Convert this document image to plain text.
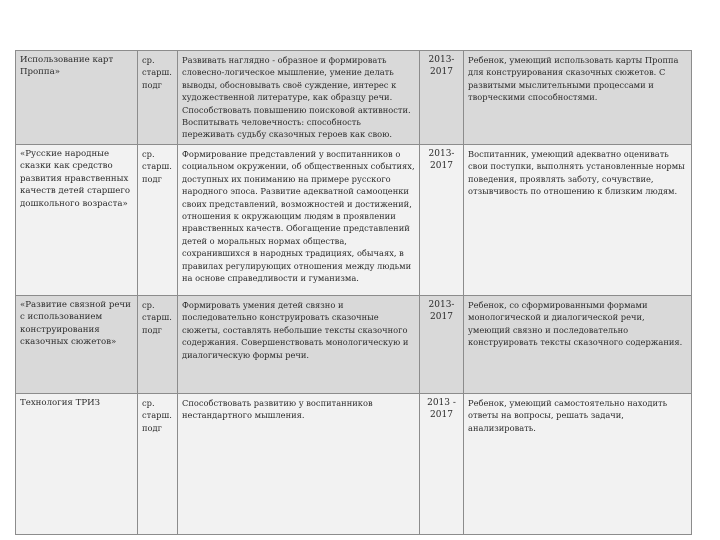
Использование карт Проппа»	ср. старш. подг	Развивать наглядно - образное и формировать словесно-логическое мышление, умение делать выводы, обосновывать своё суждение, интерес к художественной литературе, как образцу речи. Способствовать повышению поисковой активности. Воспитывать человечность: способность переживать судьбу сказочных героев как свою.	2013-2017	Ребенок, умеющий использовать карты Проппа для конструирования сказочных сюжетов. С развитыми мыслительными процессами и творческими способностями.
«Русские народные сказки как средство развития нравственных качеств детей старшего дошкольного возраста»	ср. старш. подг	Формирование представлений у воспитанников о социальном окружении, об общественных событиях, доступных их пониманию на примере русского народного эпоса. Развитие адекватной самооценки своих представлений, возможностей и достижений, отношения к окружающим людям в проявлении нравственных качеств. Обогащение представлений детей о моральных нормах общества, сохранившихся в народных традициях, обычаях, в правилах регулирующих отношения между людьми на основе справедливости и гуманизма.	2013-2017	Воспитанник, умеющий адекватно оценивать свои поступки, выполнять установленные нормы поведения, проявлять заботу, сочувствие, отзывчивость по отношению к близким людям.
«Развитие связной речи с использованием конструирования сказочных сюжетов»	ср. старш. подг	Формировать умения детей связно и последовательно конструировать сказочные сюжеты, составлять небольшие тексты сказочного содержания. Совершенствовать монологическую и диалогическую формы речи.	2013-2017	Ребенок, со сформированными формами монологической и диалогической речи, умеющий связно и последовательно конструировать тексты сказочного содержания.
Технология ТРИЗ	ср. старш. подг	Способствовать развитию у воспитанников нестандартного мышления.	2013 - 2017	Ребенок, умеющий самостоятельно находить ответы на вопросы, решать задачи, анализировать.
